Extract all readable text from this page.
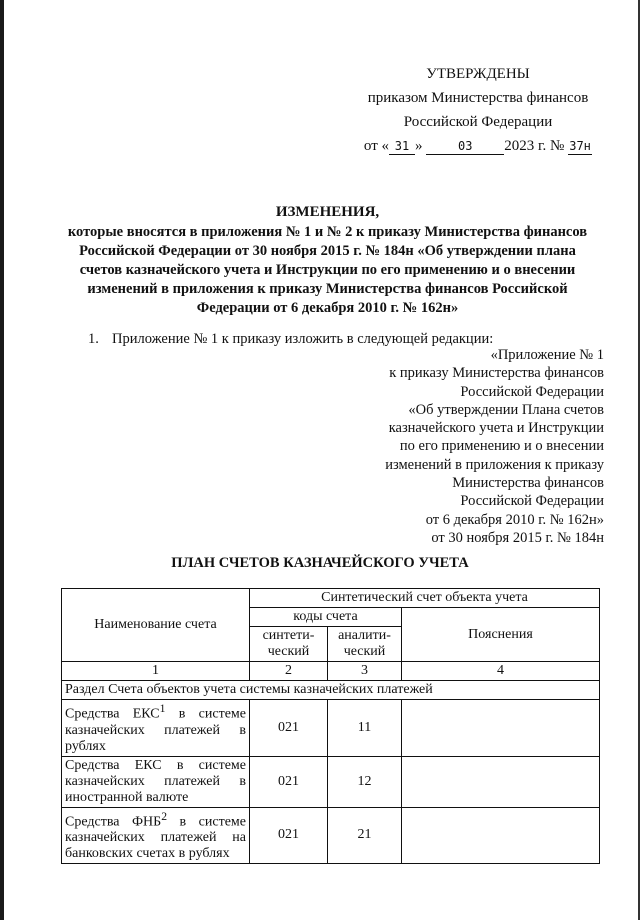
УТВЕРЖДЕНЫ
приказом Министерства финансов
Российской Федерации
от « 31 »	03 2023 г. № 37н
ИЗМЕНЕНИЯ,
которые вносятся в приложения № 1 и № 2 к приказу Министерства финансов
Российской Федерации от 30 ноября 2015 г. № 184н «Об утверждении плана
счетов казначейского учета и Инструкции по его применению и о внесении
изменений в приложения к приказу Министерства финансов Российской
Федерации от 6 декабря 2010 г. № 162н»
1. Приложение № 1 к приказу изложить в следующей редакции:
«Приложение № 1
к приказу Министерства финансов
Российской Федерации
«Об утверждении Плана счетов
казначейского учета и Инструкции
по его применению и о внесении
изменений в приложения к приказу
Министерства финансов
Российской Федерации
от 6 декабря 2010 г. № 162н»
от 30 ноября 2015 г. № 184н
ПЛАН СЧЕТОВ КАЗНАЧЕЙСКОГО УЧЕТА
Наименование счета	Синтетический счет объекта учета		
	коды счета		Пояснения
	синтети-ческий	аналити-ческий	
1	2	3	4
Раздел Счета объектов учета системы казначейских платежей			
Средства ЕКС$^1$ в системе казначейских платежей в рублях	021	11	
Средства ЕКС в системе казначейских платежей в иностранной валюте	021	12	
Средства ФНБ$^2$ в системе казначейских платежей на банковских счетах в рублях	021	21	
